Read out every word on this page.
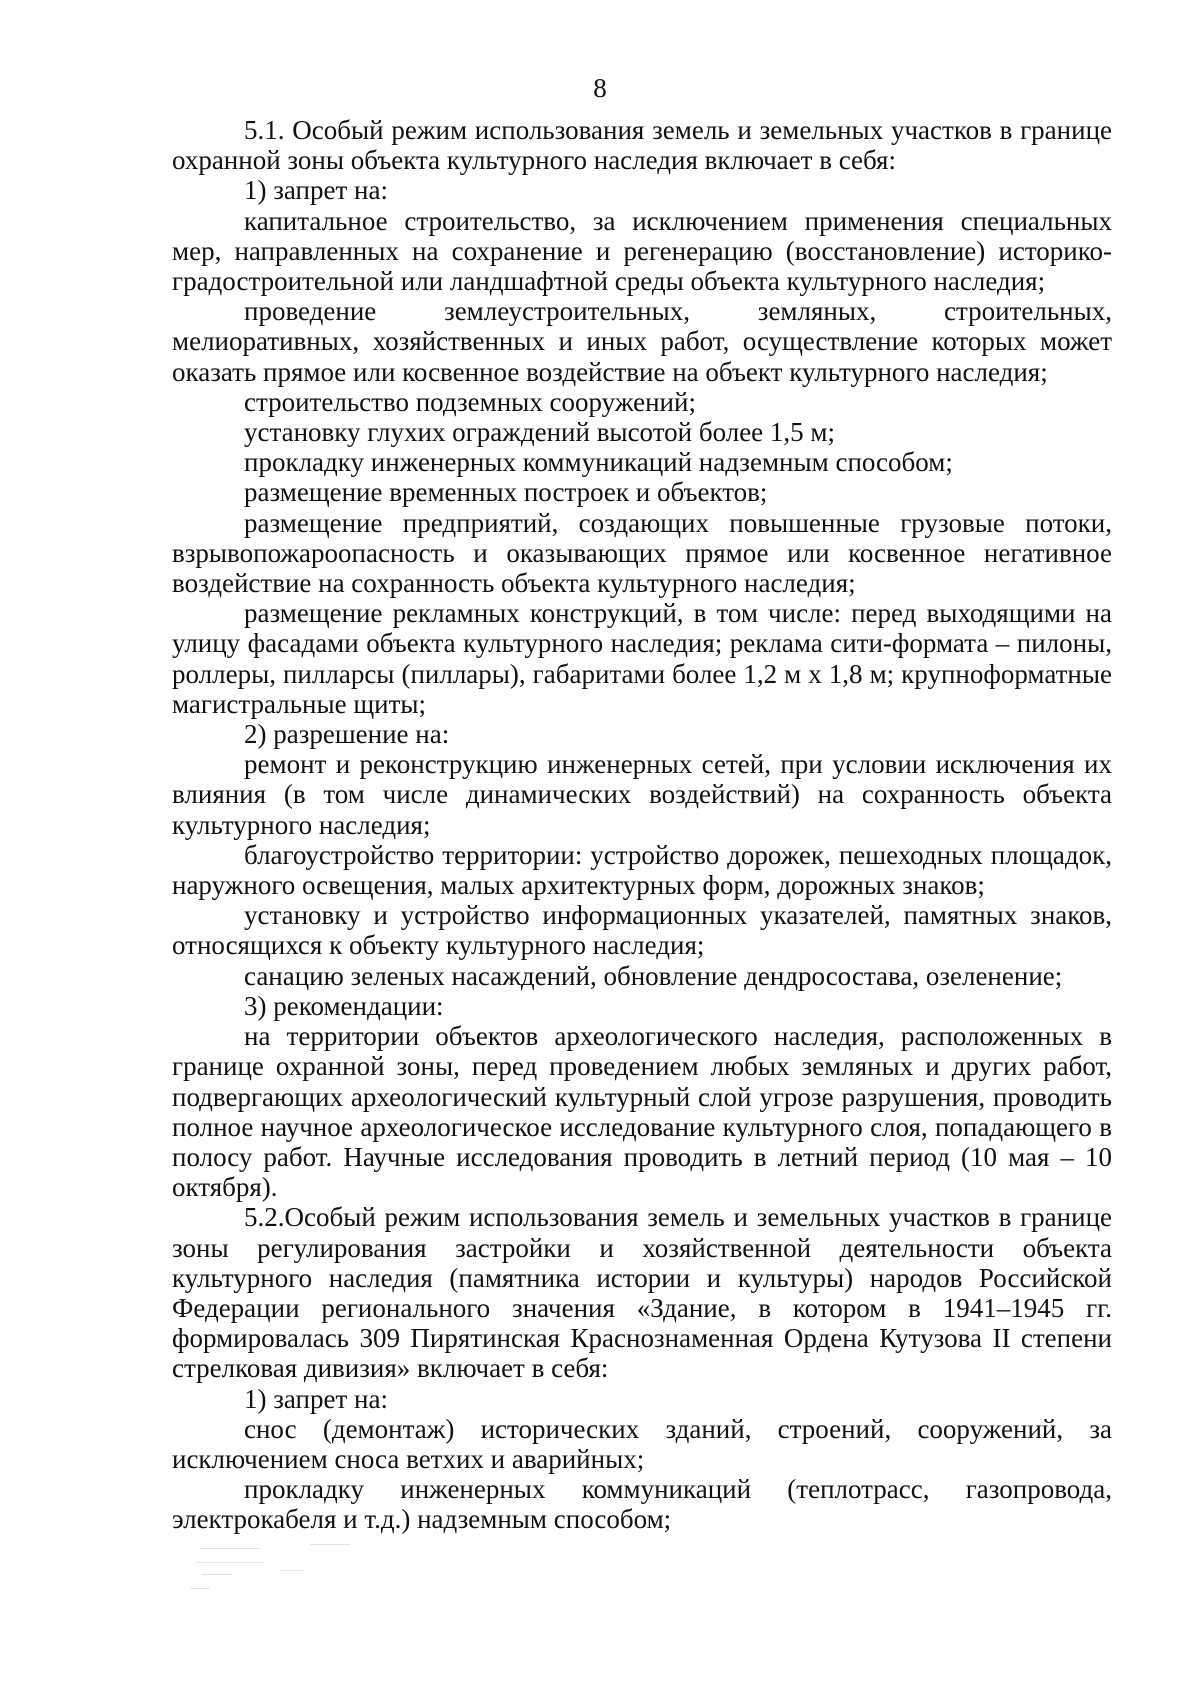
8

5.1. Особый режим использования земель и земельных участков в границе охранной зоны объекта культурного наследия включает в себя:

1) запрет на:

капитальное строительство, за исключением применения специальных мер, направленных на сохранение и регенерацию (восстановление) историко-градостроительной или ландшафтной среды объекта культурного наследия;

проведение землеустроительных, земляных, строительных, мелиоративных, хозяйственных и иных работ, осуществление которых может оказать прямое или косвенное воздействие на объект культурного наследия;

строительство подземных сооружений;

установку глухих ограждений высотой более 1,5 м;

прокладку инженерных коммуникаций надземным способом;

размещение временных построек и объектов;

размещение предприятий, создающих повышенные грузовые потоки, взрывопожароопасность и оказывающих прямое или косвенное негативное воздействие на сохранность объекта культурного наследия;

размещение рекламных конструкций, в том числе: перед выходящими на улицу фасадами объекта культурного наследия; реклама сити-формата – пилоны, роллеры, пилларсы (пиллары), габаритами более 1,2 м х 1,8 м; крупноформатные магистральные щиты;

2) разрешение на:

ремонт и реконструкцию инженерных сетей, при условии исключения их влияния (в том числе динамических воздействий) на сохранность объекта культурного наследия;

благоустройство территории: устройство дорожек, пешеходных площадок, наружного освещения, малых архитектурных форм, дорожных знаков;

установку и устройство информационных указателей, памятных знаков, относящихся к объекту культурного наследия;

санацию зеленых насаждений, обновление дендросостава, озеленение;

3) рекомендации:

на территории объектов археологического наследия, расположенных в границе охранной зоны, перед проведением любых земляных и других работ, подвергающих археологический культурный слой угрозе разрушения, проводить полное научное археологическое исследование культурного слоя, попадающего в полосу работ. Научные исследования проводить в летний период (10 мая – 10 октября).

5.2.Особый режим использования земель и земельных участков в границе зоны регулирования застройки и хозяйственной деятельности объекта культурного наследия (памятника истории и культуры) народов Российской Федерации регионального значения «Здание, в котором в 1941–1945 гг. формировалась 309 Пирятинская Краснознаменная Ордена Кутузова II степени стрелковая дивизия» включает в себя:

1) запрет на:

снос (демонтаж) исторических зданий, строений, сооружений, за исключением сноса ветхих и аварийных;

прокладку инженерных коммуникаций (теплотрасс, газопровода, электрокабеля и т.д.) надземным способом;
